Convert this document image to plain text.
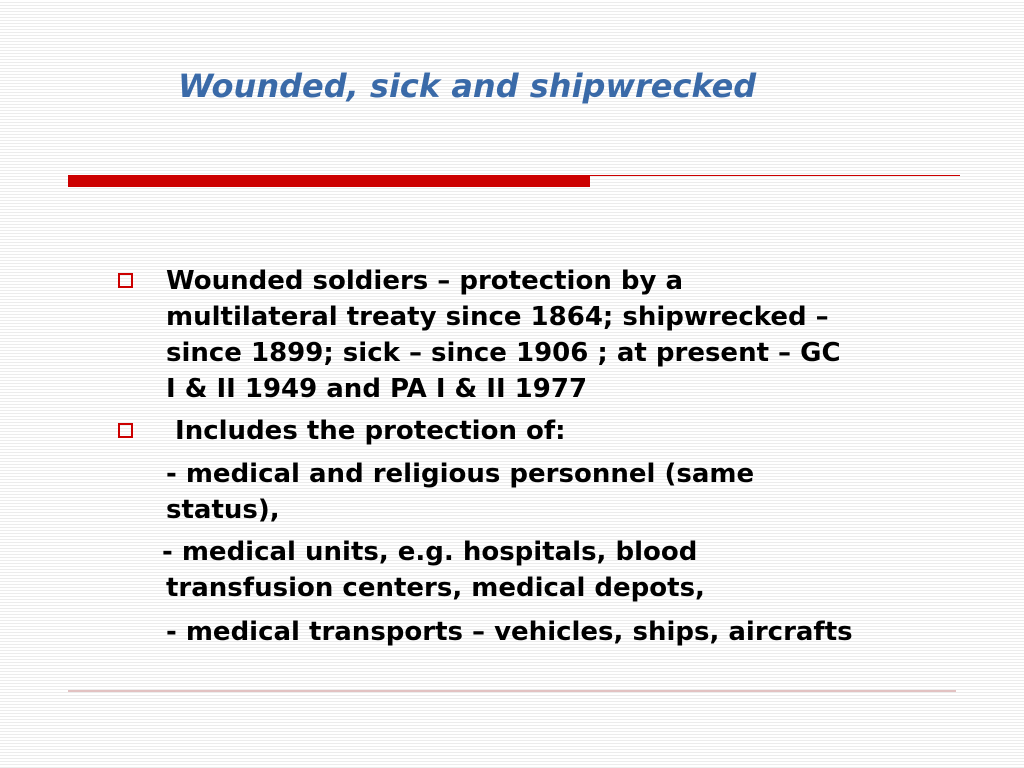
Wounded, sick and shipwrecked
Wounded soldiers – protection by a
multilateral treaty since 1864; shipwrecked –
since 1899; sick – since 1906 ; at present – GC
I & II 1949 and PA I & II 1977
Includes the protection of:
- medical and religious personnel (same
status),
- medical units, e.g. hospitals, blood
transfusion centers, medical depots,
- medical transports – vehicles, ships, aircrafts
